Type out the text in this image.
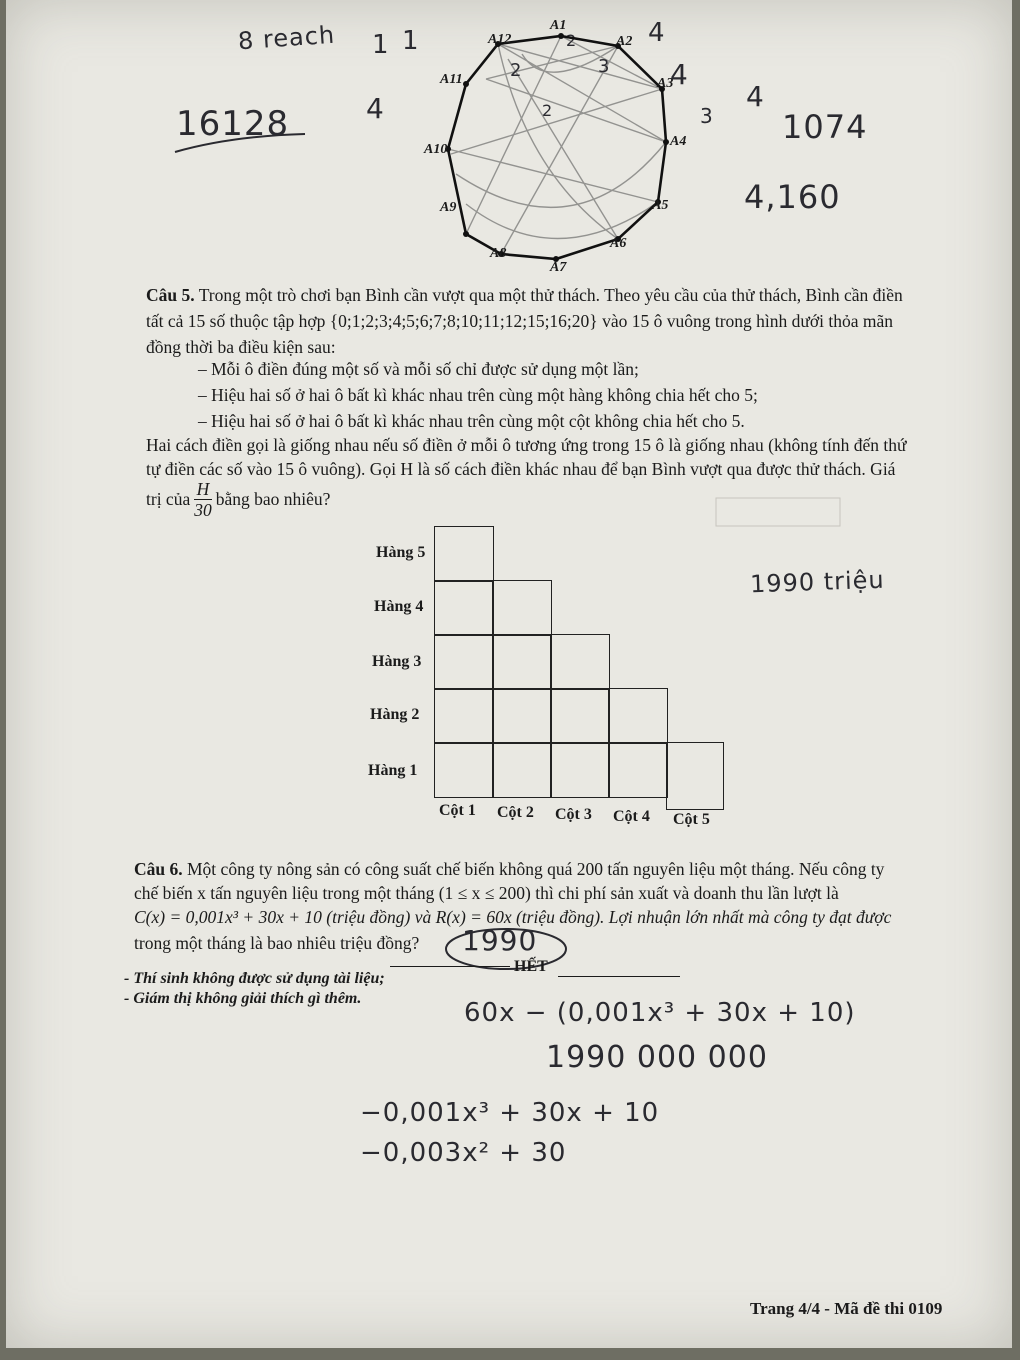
8 reach
16128
1 1
4
2	3
2
2
A1
A2
A3
A4
A5
A6
A7
A8
A9
A10
A11
A12	4
4
4
3 1074
4,160
Câu 5. Trong một trò chơi bạn Bình cần vượt qua một thử thách. Theo yêu cầu của thử thách, Bình cần điền
tất cả 15 số thuộc tập hợp {0;1;2;3;4;5;6;7;8;10;11;12;15;16;20} vào 15 ô vuông trong hình dưới thỏa mãn
đồng thời ba điều kiện sau:
– Mỗi ô điền đúng một số và mỗi số chỉ được sử dụng một lần;
– Hiệu hai số ở hai ô bất kì khác nhau trên cùng một hàng không chia hết cho 5;
– Hiệu hai số ở hai ô bất kì khác nhau trên cùng một cột không chia hết cho 5.
Hai cách điền gọi là giống nhau nếu số điền ở mỗi ô tương ứng trong 15 ô là giống nhau (không tính đến thứ
tự điền các số vào 15 ô vuông). Gọi H là số cách điền khác nhau để bạn Bình vượt qua được thử thách. Giá
trị của $\frac{H}{30}$ bằng bao nhiêu?
Hàng 5
Hàng 4
Hàng 3
Hàng 2
Hàng 1
Cột 1 Cột 2 Cột 3 Cột 4 Cột 5
1990 triệu
Câu 6. Một công ty nông sản có công suất chế biến không quá 200 tấn nguyên liệu một tháng. Nếu công ty
chế biến x tấn nguyên liệu trong một tháng (1 ≤ x ≤ 200) thì chi phí sản xuất và doanh thu lần lượt là
C(x) = 0,001x³ + 30x + 10 (triệu đồng) và R(x) = 60x (triệu đồng). Lợi nhuận lớn nhất mà công ty đạt được
trong một tháng là bao nhiêu triệu đồng? 1990
HẾT
- Thí sinh không được sử dụng tài liệu;
- Giám thị không giải thích gì thêm.	60x − (0,001x³ + 30x + 10)
1990 000 000
−0,001x³ + 30x + 10
−0,003x² + 30
Trang 4/4 - Mã đề thi 0109
